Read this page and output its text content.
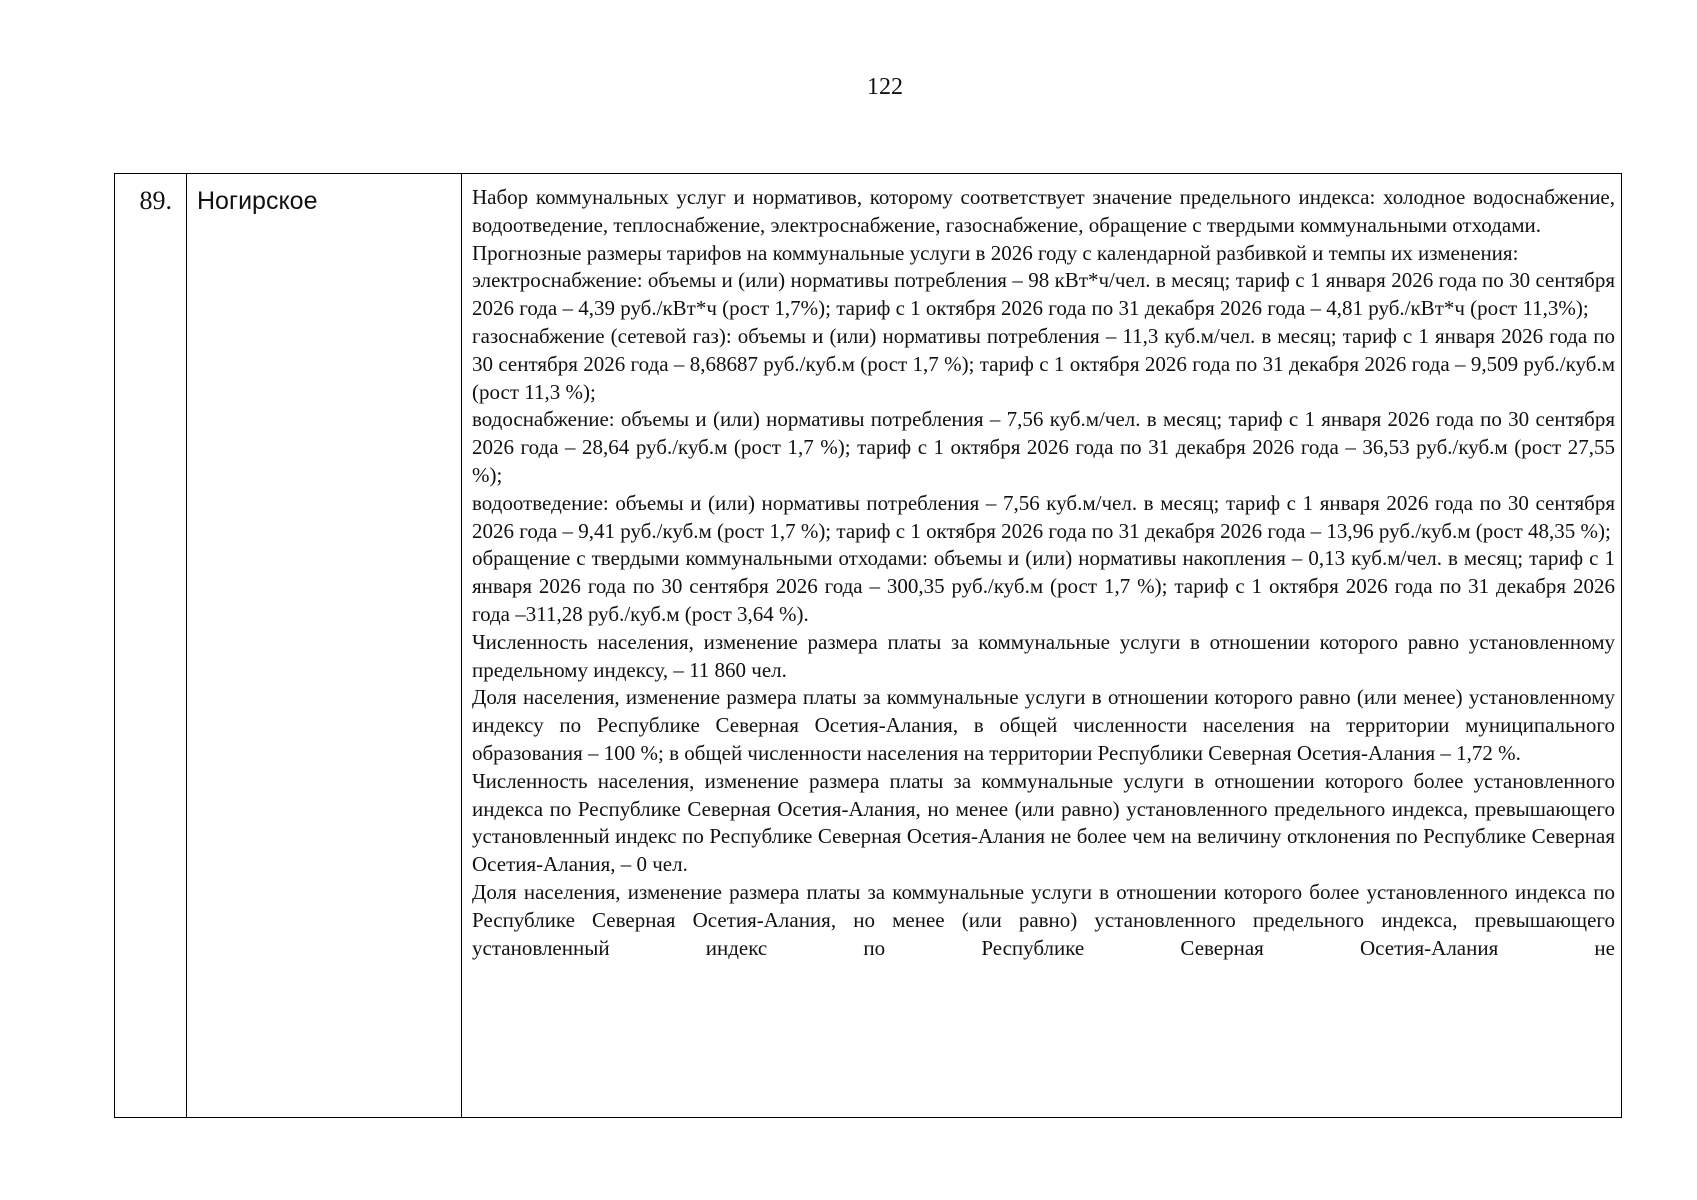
122
89.	Ногирское	Набор коммунальных услуг и нормативов, которому соответствует значение предельного индекса: холодное водоснабжение, водоотведение, теплоснабжение, электроснабжение, газоснабжение, обращение с твердыми коммунальными отходами.

Прогнозные размеры тарифов на коммунальные услуги в 2026 году с календарной разбивкой и темпы их изменения:

электроснабжение: объемы и (или) нормативы потребления – 98 кВт*ч/чел. в месяц; тариф с 1 января 2026 года по 30 сентября 2026 года – 4,39 руб./кВт*ч (рост 1,7%); тариф с 1 октября 2026 года по 31 декабря 2026 года – 4,81 руб./кВт*ч (рост 11,3%);

газоснабжение (сетевой газ): объемы и (или) нормативы потребления – 11,3 куб.м/чел. в месяц; тариф с 1 января 2026 года по 30 сентября 2026 года – 8,68687 руб./куб.м (рост 1,7 %); тариф с 1 октября 2026 года по 31 декабря 2026 года – 9,509 руб./куб.м (рост 11,3 %);

водоснабжение: объемы и (или) нормативы потребления – 7,56 куб.м/чел. в месяц; тариф с 1 января 2026 года по 30 сентября 2026 года – 28,64 руб./куб.м (рост 1,7 %); тариф с 1 октября 2026 года по 31 декабря 2026 года – 36,53 руб./куб.м (рост 27,55 %);

водоотведение: объемы и (или) нормативы потребления – 7,56 куб.м/чел. в месяц; тариф с 1 января 2026 года по 30 сентября 2026 года – 9,41 руб./куб.м (рост 1,7 %); тариф с 1 октября 2026 года по 31 декабря 2026 года – 13,96 руб./куб.м (рост 48,35 %);

обращение с твердыми коммунальными отходами: объемы и (или) нормативы накопления – 0,13 куб.м/чел. в месяц; тариф с 1 января 2026 года по 30 сентября 2026 года – 300,35 руб./куб.м (рост 1,7 %); тариф с 1 октября 2026 года по 31 декабря 2026 года –311,28 руб./куб.м (рост 3,64 %).

Численность населения, изменение размера платы за коммунальные услуги в отношении которого равно установленному предельному индексу, – 11 860 чел.

Доля населения, изменение размера платы за коммунальные услуги в отношении которого равно (или менее) установленному индексу по Республике Северная Осетия-Алания, в общей численности населения на территории муниципального образования – 100 %; в общей численности населения на территории Республики Северная Осетия-Алания – 1,72 %.

Численность населения, изменение размера платы за коммунальные услуги в отношении которого более установленного индекса по Республике Северная Осетия-Алания, но менее (или равно) установленного предельного индекса, превышающего установленный индекс по Республике Северная Осетия-Алания не более чем на величину отклонения по Республике Северная Осетия-Алания, – 0 чел.

Доля населения, изменение размера платы за коммунальные услуги в отношении которого более установленного индекса по Республике Северная Осетия-Алания, но менее (или равно) установленного предельного индекса, превышающего установленный индекс по Республике Северная Осетия-Алания не
